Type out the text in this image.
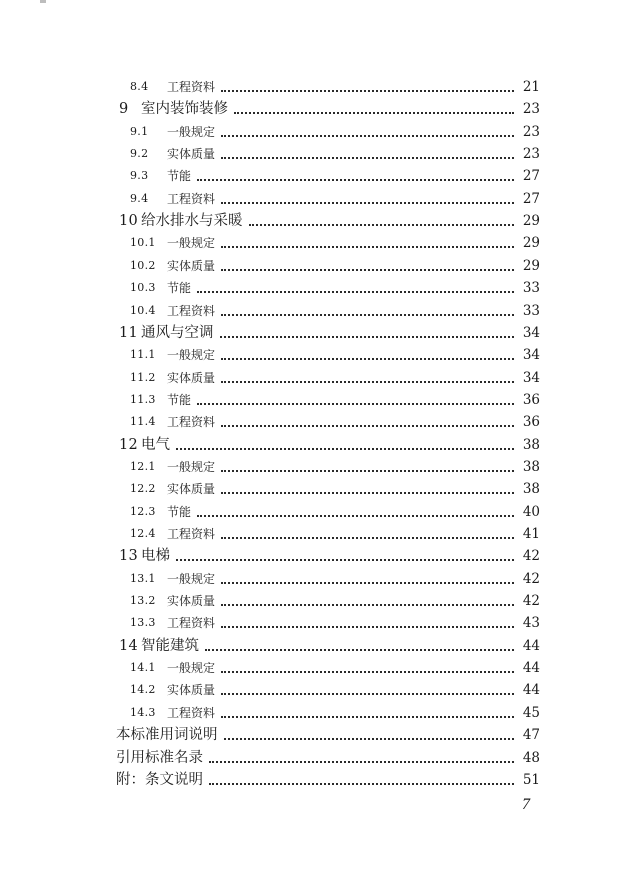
8.4	工程资料	21
9 室内装饰装修	23
9.1	一般规定	23
9.2	实体质量	23
9.3	节能	27
9.4	工程资料	27
10 给水排水与采暖	29
10.1 一般规定	29
10.2 实体质量	29
10.3 节能	33
10.4 工程资料	33
11 通风与空调	34
11.1 一般规定	34
11.2 实体质量	34
11.3 节能	36
11.4 工程资料	36
12 电气	38
12.1 一般规定	38
12.2 实体质量	38
12.3 节能	40
12.4 工程资料	41
13 电梯	42
13.1 一般规定	42
13.2 实体质量	42
13.3 工程资料	43
14 智能建筑	44
14.1 一般规定	44
14.2 实体质量	44
14.3 工程资料	45
本标准用词说明	47
引用标准名录	48
附：条文说明	51
7
